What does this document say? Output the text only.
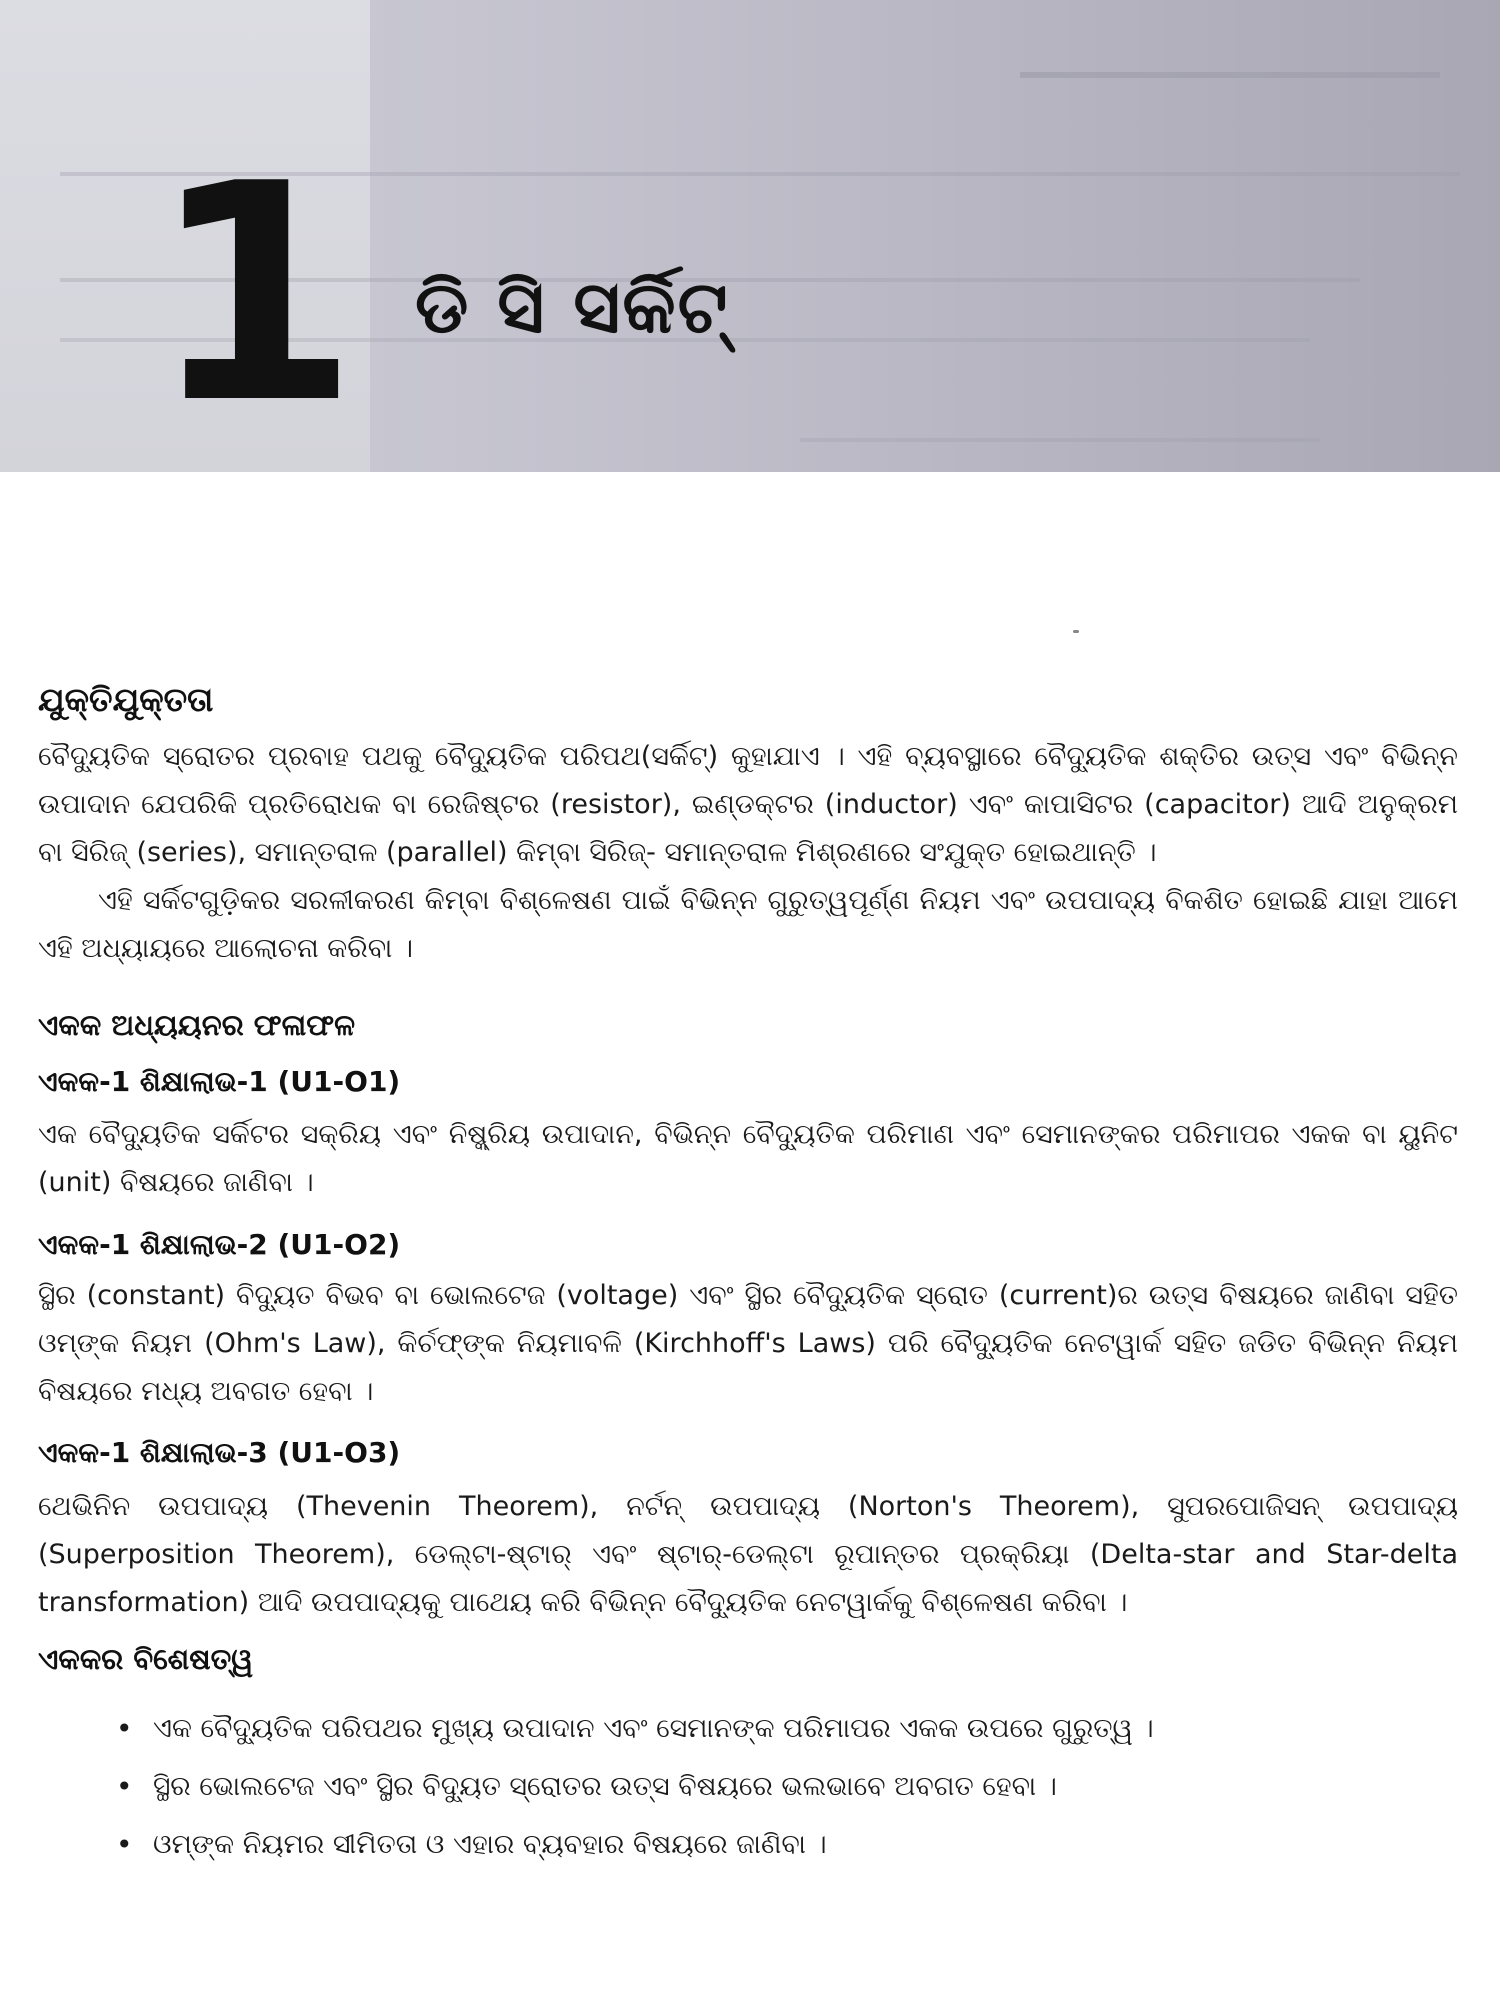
1 ଡି ସି ସର୍କିଟ୍
ଯୁକ୍ତିଯୁକ୍ତତା
ବୈଦ୍ୟୁତିକ ସ୍ରୋତର ପ୍ରବାହ ପଥକୁ ବୈଦ୍ୟୁତିକ ପରିପଥ(ସର୍କିଟ୍) କୁହାଯାଏ । ଏହି ବ୍ୟବସ୍ଥାରେ ବୈଦ୍ୟୁତିକ ଶକ୍ତିର ଉତ୍ସ ଏବଂ ବିଭିନ୍ନ ଉପାଦାନ ଯେପରିକି ପ୍ରତିରୋଧକ ବା ରେଜିଷ୍ଟର (resistor), ଇଣ୍ଡକ୍ଟର (inductor) ଏବଂ କାପାସିଟର (capacitor) ଆଦି ଅନୁକ୍ରମ ବା ସିରିଜ୍ (series), ସମାନ୍ତରାଳ (parallel) କିମ୍ବା ସିରିଜ୍- ସମାନ୍ତରାଳ ମିଶ୍ରଣରେ ସଂଯୁକ୍ତ ହୋଇଥାନ୍ତି ।
ଏହି ସର୍କିଟଗୁଡ଼ିକର ସରଳୀକରଣ କିମ୍ବା ବିଶ୍ଳେଷଣ ପାଇଁ ବିଭିନ୍ନ ଗୁରୁତ୍ୱପୂର୍ଣ୍ଣ ନିୟମ ଏବଂ ଉପପାଦ୍ୟ ବିକଶିତ ହୋଇଛି ଯାହା ଆମେ ଏହି ଅଧ୍ୟାୟରେ ଆଲୋଚନା କରିବା ।
ଏକକ ଅଧ୍ୟୟନର ଫଳାଫଳ
ଏକକ-1 ଶିକ୍ଷାଲାଭ-1 (U1-O1)
ଏକ ବୈଦ୍ୟୁତିକ ସର୍କିଟର ସକ୍ରିୟ ଏବଂ ନିଷ୍କ୍ରିୟ ଉପାଦାନ, ବିଭିନ୍ନ ବୈଦ୍ୟୁତିକ ପରିମାଣ ଏବଂ ସେମାନଙ୍କର ପରିମାପର ଏକକ ବା ୟୁନିଟ (unit) ବିଷୟରେ ଜାଣିବା ।
ଏକକ-1 ଶିକ୍ଷାଲାଭ-2 (U1-O2)
ସ୍ଥିର (constant) ବିଦ୍ୟୁତ ବିଭବ ବା ଭୋଲଟେଜ (voltage) ଏବଂ ସ୍ଥିର ବୈଦ୍ୟୁତିକ ସ୍ରୋତ (current)ର ଉତ୍ସ ବିଷୟରେ ଜାଣିବା ସହିତ ଓମ୍‌ଙ୍କ ନିୟମ (Ohm's Law), କିର୍ଚଫ୍‌ଙ୍କ ନିୟମାବଳି (Kirchhoff's Laws) ପରି ବୈଦ୍ୟୁତିକ ନେଟୱାର୍କ ସହିତ ଜଡିତ ବିଭିନ୍ନ ନିୟମ ବିଷୟରେ ମଧ୍ୟ ଅବଗତ ହେବା ।
ଏକକ-1 ଶିକ୍ଷାଲାଭ-3 (U1-O3)
ଥେଭିନିନ ଉପପାଦ୍ୟ (Thevenin Theorem), ନର୍ଟନ୍ ଉପପାଦ୍ୟ (Norton's Theorem), ସୁପରପୋଜିସନ୍ ଉପପାଦ୍ୟ (Superposition Theorem), ଡେଲ୍ଟା-ଷ୍ଟାର୍ ଏବଂ ଷ୍ଟାର୍-ଡେଲ୍ଟା ରୂପାନ୍ତର ପ୍ରକ୍ରିୟା (Delta-star and Star-delta transformation) ଆଦି ଉପପାଦ୍ୟକୁ ପାଥେୟ କରି ବିଭିନ୍ନ ବୈଦ୍ୟୁତିକ ନେଟୱାର୍କକୁ ବିଶ୍ଳେଷଣ କରିବା ।
ଏକକର ବିଶେଷତ୍ୱ
• ଏକ ବୈଦ୍ୟୁତିକ ପରିପଥର ମୁଖ୍ୟ ଉପାଦାନ ଏବଂ ସେମାନଙ୍କ ପରିମାପର ଏକକ ଉପରେ ଗୁରୁତ୍ୱ ।
• ସ୍ଥିର ଭୋଲଟେଜ ଏବଂ ସ୍ଥିର ବିଦ୍ୟୁତ ସ୍ରୋତର ଉତ୍ସ ବିଷୟରେ ଭଲଭାବେ ଅବଗତ ହେବା ।
• ଓମ୍‌ଙ୍କ ନିୟମର ସୀମିତତା ଓ ଏହାର ବ୍ୟବହାର ବିଷୟରେ ଜାଣିବା ।
